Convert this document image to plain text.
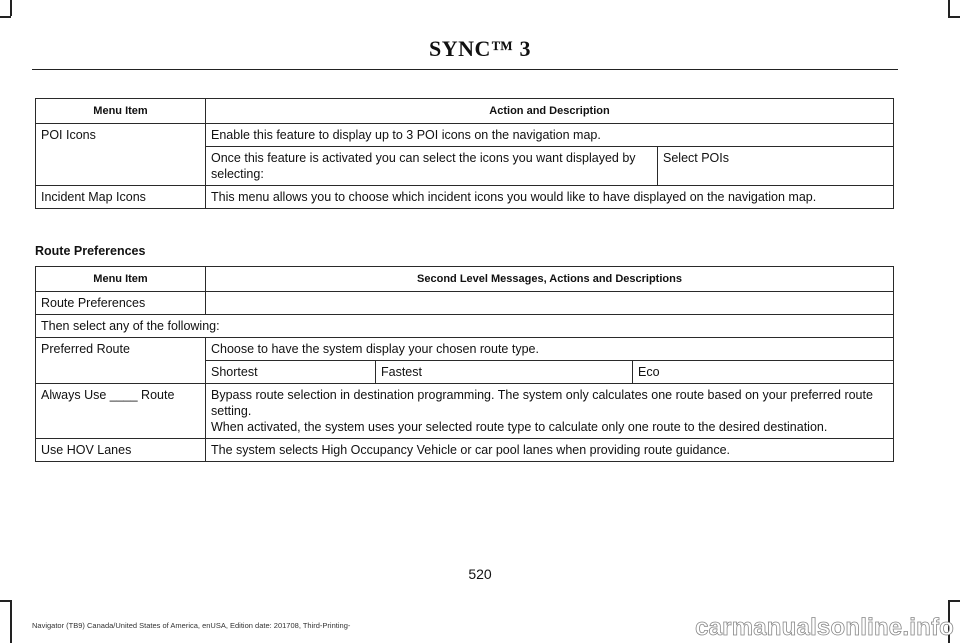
SYNC™ 3
Menu Item	Action and Description	
POI Icons	Enable this feature to display up to 3 POI icons on the navigation map.	
	Once this feature is activated you can select the icons you want displayed by selecting:	Select POIs
Incident Map Icons	This menu allows you to choose which incident icons you would like to have displayed on the navigation map.	
Route Preferences
Menu Item	Second Level Messages, Actions and Descriptions		
Route Preferences			
Then select any of the following:			
Preferred Route	Choose to have the system display your chosen route type.		
	Shortest	Fastest	Eco
Always Use ____ Route	Bypass route selection in destination programming. The system only calculates one route based on your preferred route setting.
When activated, the system uses your selected route type to calculate only one route to the desired destination.		

Use HOV Lanes	The system selects High Occupancy Vehicle or car pool lanes when providing route guidance.		
520
Navigator (TB9) Canada/United States of America, enUSA, Edition date: 201708, Third-Printing-	carmanualsonline.info
